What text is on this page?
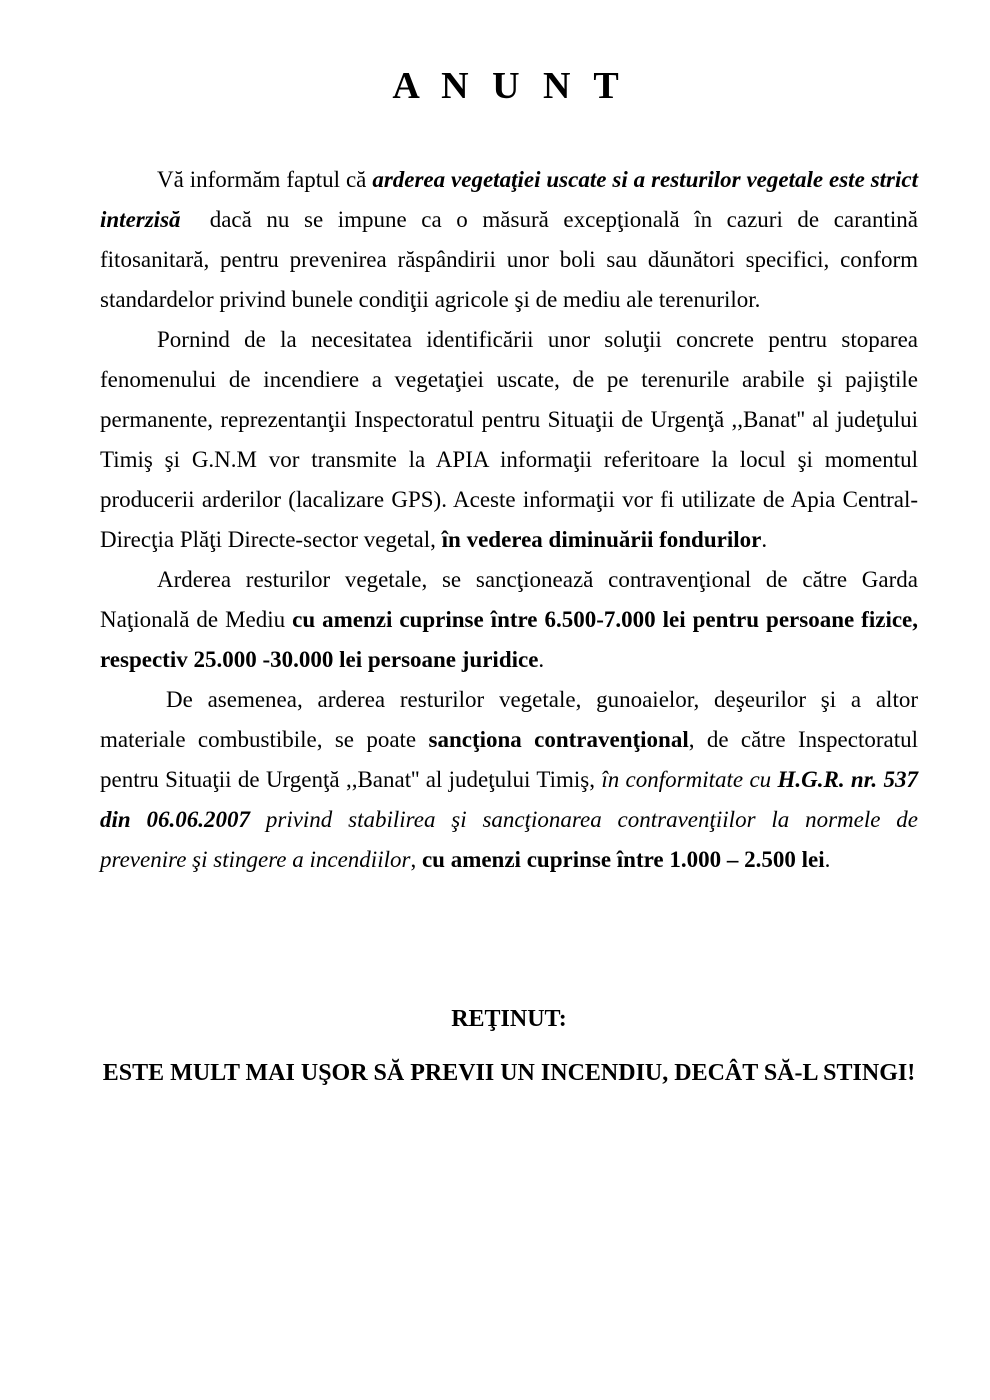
A N U N T

Vă informăm faptul că arderea vegetaţiei uscate si a resturilor vegetale este strict interzisă  dacă nu se impune ca o măsură excepţională în cazuri de carantină fitosanitară, pentru prevenirea răspândirii unor boli sau dăunători specifici, conform standardelor privind bunele condiţii agricole şi de mediu ale terenurilor.

Pornind de la necesitatea identificării unor soluţii concrete pentru stoparea fenomenului de incendiere a vegetaţiei uscate, de pe terenurile arabile şi pajiştile permanente, reprezentanţii Inspectoratul pentru Situaţii de Urgenţă ,,Banat'' al judeţului Timiş şi G.N.M vor transmite la APIA informaţii referitoare la locul şi momentul producerii arderilor (lacalizare GPS). Aceste informaţii vor fi utilizate de Apia Central- Direcţia Plăţi Directe-sector vegetal, în vederea diminuării fondurilor.

Arderea resturilor vegetale, se sancţionează contravenţional de către Garda Naţională de Mediu cu amenzi cuprinse între 6.500-7.000 lei pentru persoane fizice, respectiv 25.000 -30.000 lei persoane juridice.

De asemenea, arderea resturilor vegetale, gunoaielor, deşeurilor şi a altor materiale combustibile, se poate sancţiona contravenţional, de către Inspectoratul pentru Situaţii de Urgenţă ,,Banat'' al judeţului Timiş, în conformitate cu H.G.R. nr. 537 din 06.06.2007 privind stabilirea şi sancţionarea contravenţiilor la normele de prevenire şi stingere a incendiilor, cu amenzi cuprinse între 1.000 – 2.500 lei.

REŢINUT:

ESTE MULT MAI UŞOR SĂ PREVII UN INCENDIU, DECÂT SĂ-L STINGI!
